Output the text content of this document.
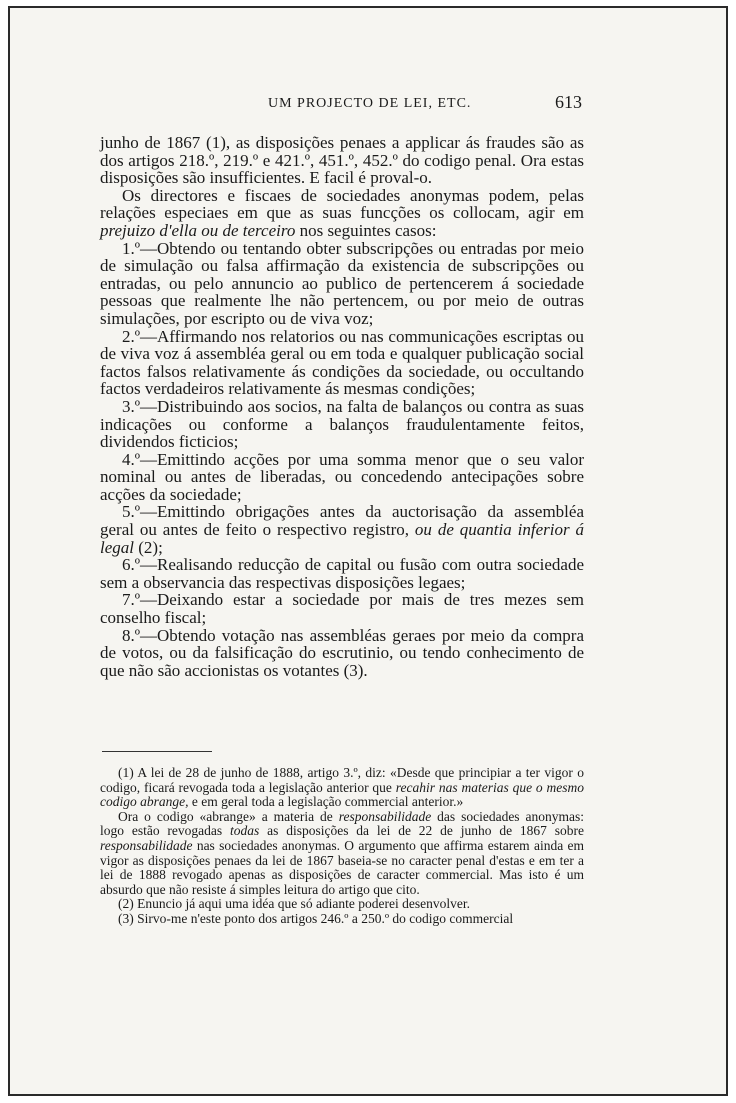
UM PROJECTO DE LEI, ETC.	613

junho de 1867 (1), as disposições penaes a applicar ás fraudes são as dos artigos 218.º, 219.º e 421.º, 451.º, 452.º do codigo penal. Ora estas disposições são insufficientes. E facil é proval-o.

Os directores e fiscaes de sociedades anonymas podem, pelas relações especiaes em que as suas funcções os collocam, agir em prejuizo d'ella ou de terceiro nos seguintes casos:

1.º—Obtendo ou tentando obter subscripções ou entradas por meio de simulação ou falsa affirmação da existencia de subscripções ou entradas, ou pelo annuncio ao publico de pertencerem á sociedade pessoas que realmente lhe não pertencem, ou por meio de outras simulações, por escripto ou de viva voz;

2.º—Affirmando nos relatorios ou nas communicações escriptas ou de viva voz á assembléa geral ou em toda e qualquer publicação social factos falsos relativamente ás condições da sociedade, ou occultando factos verdadeiros relativamente ás mesmas condições;

3.º—Distribuindo aos socios, na falta de balanços ou contra as suas indicações ou conforme a balanços fraudulentamente feitos, dividendos ficticios;

4.º—Emittindo acções por uma somma menor que o seu valor nominal ou antes de liberadas, ou concedendo antecipações sobre acções da sociedade;

5.º—Emittindo obrigações antes da auctorisação da assembléa geral ou antes de feito o respectivo registro, ou de quantia inferior á legal (2);

6.º—Realisando reducção de capital ou fusão com outra sociedade sem a observancia das respectivas disposições legaes;

7.º—Deixando estar a sociedade por mais de tres mezes sem conselho fiscal;

8.º—Obtendo votação nas assembléas geraes por meio da compra de votos, ou da falsificação do escrutinio, ou tendo conhecimento de que não são accionistas os votantes (3).

(1) A lei de 28 de junho de 1888, artigo 3.º, diz: «Desde que principiar a ter vigor o codigo, ficará revogada toda a legislação anterior que recahir nas materias que o mesmo codigo abrange, e em geral toda a legislação commercial anterior.»

Ora o codigo «abrange» a materia de responsabilidade das sociedades anonymas: logo estão revogadas todas as disposições da lei de 22 de junho de 1867 sobre responsabilidade nas sociedades anonymas. O argumento que affirma estarem ainda em vigor as disposições penaes da lei de 1867 baseia-se no caracter penal d'estas e em ter a lei de 1888 revogado apenas as disposições de caracter commercial. Mas isto é um absurdo que não resiste á simples leitura do artigo que cito.

(2) Enuncio já aqui uma idéa que só adiante poderei desenvolver.

(3) Sirvo-me n'este ponto dos artigos 246.º a 250.º do codigo commercial
